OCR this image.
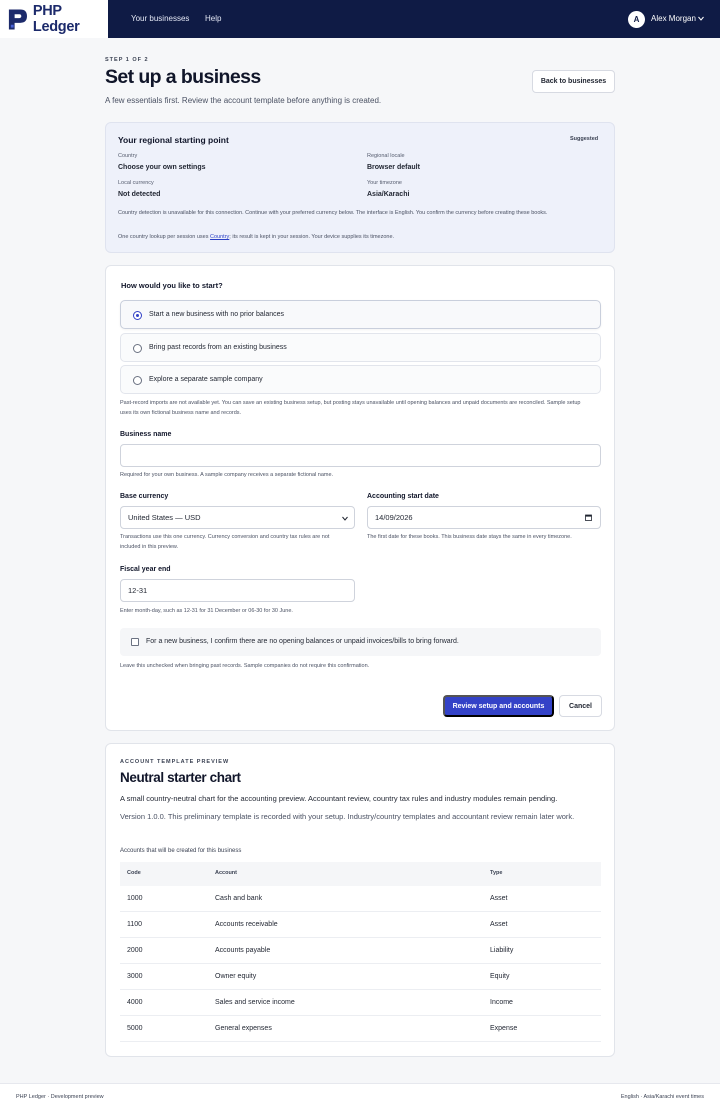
PHP Ledger
Your businesses Help	A	Alex Morgan
STEP 1 OF 2
Set up a business

A few essentials first. Review the account template before anything is created.

Back to businesses
Your regional starting point	Suggested
Country
Choose your own settings
Regional locale
Browser default
Local currency
Not detected
Your timezone
Asia/Karachi
Country detection is unavailable for this connection. Continue with your preferred currency below. The interface is English. You confirm the currency before creating these books.
One country lookup per session uses Country; its result is kept in your session. Your device supplies its timezone.
How would you like to start?
Start a new business with no prior balances
Bring past records from an existing business
Explore a separate sample company
Past-record imports are not available yet. You can save an existing business setup, but posting stays unavailable until opening balances and unpaid documents are reconciled. Sample setup uses its own fictional business name and records.
Business name
Required for your own business. A sample company receives a separate fictional name.
Base currency
United States — USD
Transactions use this one currency. Currency conversion and country tax rules are not included in this preview.
Accounting start date
14/09/2026
The first date for these books. This business date stays the same in every timezone.
Fiscal year end
12-31
Enter month-day, such as 12-31 for 31 December or 06-30 for 30 June.
For a new business, I confirm there are no opening balances or unpaid invoices/bills to bring forward.
Leave this unchecked when bringing past records. Sample companies do not require this confirmation.
Review setup and accounts	Cancel
ACCOUNT TEMPLATE PREVIEW
Neutral starter chart

A small country-neutral chart for the accounting preview. Accountant review, country tax rules and industry modules remain pending.

Version 1.0.0. This preliminary template is recorded with your setup. Industry/country templates and accountant review remain later work.

Accounts that will be created for this business
Code	Account	Type
1000	Cash and bank	Asset
1100	Accounts receivable	Asset
2000	Accounts payable	Liability
3000	Owner equity	Equity
4000	Sales and service income	Income
5000	General expenses	Expense
PHP Ledger · Development preview	English · Asia/Karachi event times
